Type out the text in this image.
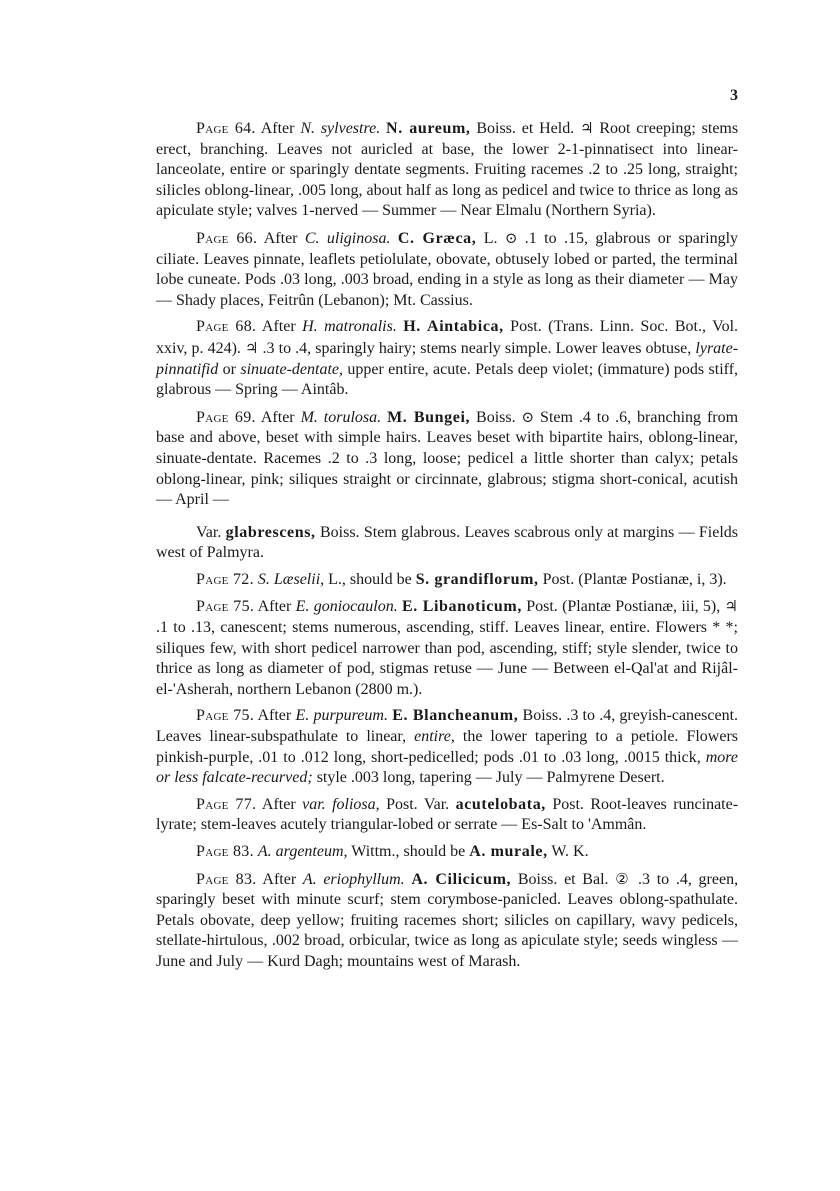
3

Page 64. After N. sylvestre. N. aureum, Boiss. et Held. ♃ Root creeping; stems erect, branching. Leaves not auricled at base, the lower 2-1-pinnatisect into linear-lanceolate, entire or sparingly dentate segments. Fruiting racemes .2 to .25 long, straight; silicles oblong-linear, .005 long, about half as long as pedicel and twice to thrice as long as apiculate style; valves 1-nerved — Summer — Near Elmalu (Northern Syria).

Page 66. After C. uliginosa. C. Græca, L. ⊙ .1 to .15, glabrous or sparingly ciliate. Leaves pinnate, leaflets petiolulate, obovate, obtusely lobed or parted, the terminal lobe cuneate. Pods .03 long, .003 broad, ending in a style as long as their diameter — May — Shady places, Feitrûn (Lebanon); Mt. Cassius.

Page 68. After H. matronalis. H. Aintabica, Post. (Trans. Linn. Soc. Bot., Vol. xxiv, p. 424). ♃ .3 to .4, sparingly hairy; stems nearly simple. Lower leaves obtuse, lyrate-pinnatifid or sinuate-dentate, upper entire, acute. Petals deep violet; (immature) pods stiff, glabrous — Spring — Aintâb.

Page 69. After M. torulosa. M. Bungei, Boiss. ⊙ Stem .4 to .6, branching from base and above, beset with simple hairs. Leaves beset with bipartite hairs, oblong-linear, sinuate-dentate. Racemes .2 to .3 long, loose; pedicel a little shorter than calyx; petals oblong-linear, pink; siliques straight or circinnate, glabrous; stigma short-conical, acutish — April —

Var. glabrescens, Boiss. Stem glabrous. Leaves scabrous only at margins — Fields west of Palmyra.

Page 72. S. Læselii, L., should be S. grandiflorum, Post. (Plantæ Postianæ, i, 3).

Page 75. After E. goniocaulon. E. Libanoticum, Post. (Plantæ Postianæ, iii, 5), ♃ .1 to .13, canescent; stems numerous, ascending, stiff. Leaves linear, entire. Flowers * *; siliques few, with short pedicel narrower than pod, ascending, stiff; style slender, twice to thrice as long as diameter of pod, stigmas retuse — June — Between el-Qal'at and Rijâl-el-'Asherah, northern Lebanon (2800 m.).

Page 75. After E. purpureum. E. Blancheanum, Boiss. .3 to .4, greyish-canescent. Leaves linear-subspathulate to linear, entire, the lower tapering to a petiole. Flowers pinkish-purple, .01 to .012 long, short-pedicelled; pods .01 to .03 long, .0015 thick, more or less falcate-recurved; style .003 long, tapering — July — Palmyrene Desert.

Page 77. After var. foliosa, Post. Var. acutelobata, Post. Root-leaves runcinate-lyrate; stem-leaves acutely triangular-lobed or serrate — Es-Salt to 'Ammân.

Page 83. A. argenteum, Wittm., should be A. murale, W. K.

Page 83. After A. eriophyllum. A. Cilicicum, Boiss. et Bal. ② .3 to .4, green, sparingly beset with minute scurf; stem corymbose-panicled. Leaves oblong-spathulate. Petals obovate, deep yellow; fruiting racemes short; silicles on capillary, wavy pedicels, stellate-hirtulous, .002 broad, orbicular, twice as long as apiculate style; seeds wingless — June and July — Kurd Dagh; mountains west of Marash.
